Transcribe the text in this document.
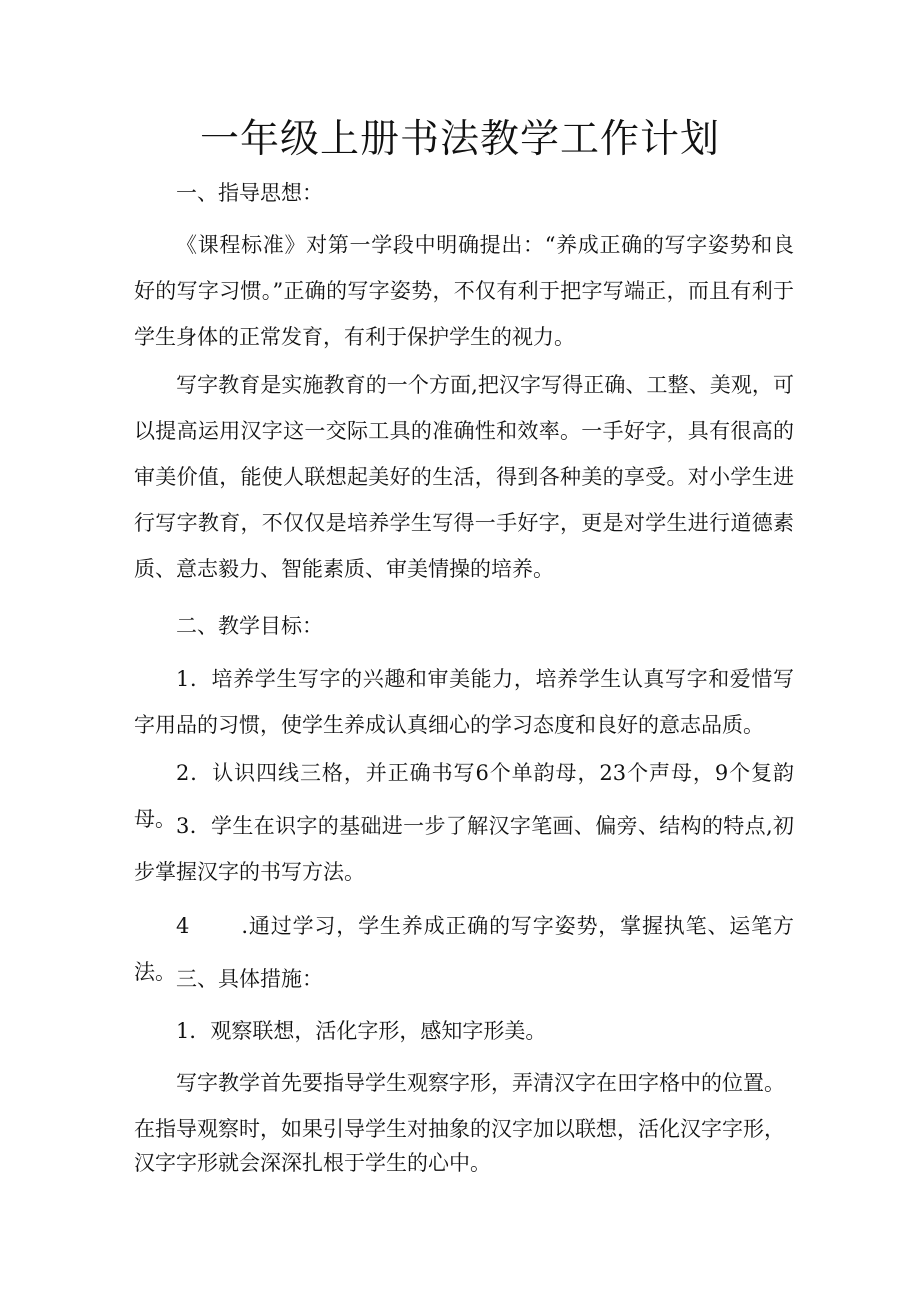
一年级上册书法教学工作计划

一、指导思想：

《课程标准》对第一学段中明确提出：“养成正确的写字姿势和良好的写字习惯。”正确的写字姿势，不仅有利于把字写端正，而且有利于学生身体的正常发育，有利于保护学生的视力。

写字教育是实施教育的一个方面,把汉字写得正确、工整、美观，可以提高运用汉字这一交际工具的准确性和效率。一手好字，具有很高的审美价值，能使人联想起美好的生活，得到各种美的享受。对小学生进行写字教育，不仅仅是培养学生写得一手好字，更是对学生进行道德素质、意志毅力、智能素质、审美情操的培养。

二、教学目标：

1．培养学生写字的兴趣和审美能力，培养学生认真写字和爱惜写字用品的习惯，使学生养成认真细心的学习态度和良好的意志品质。

2．认识四线三格，并正确书写6个单韵母，23个声母，9个复韵母。 3．学生在识字的基础进一步了解汉字笔画、偏旁、结构的特点,初步掌握汉字的书写方法。

4 .通过学习，学生养成正确的写字姿势，掌握执笔、运笔方法。 三、具体措施：

1．观察联想，活化字形，感知字形美。

写字教学首先要指导学生观察字形，弄清汉字在田字格中的位置。

在指导观察时，如果引导学生对抽象的汉字加以联想，活化汉字字形，汉字字形就会深深扎根于学生的心中。
